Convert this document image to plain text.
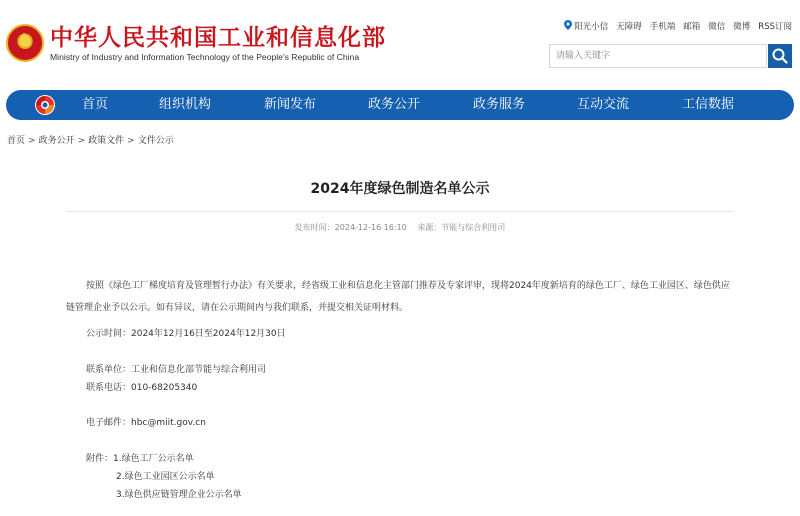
★
中华人民共和国工业和信息化部
Ministry of Industry and Information Technology of the People's Republic of China
阳光小信 无障碍 手机端 邮箱 微信 微博 RSS订阅
请输入关键字
首页	组织机构	新闻发布	政务公开	政务服务	互动交流	工信数据
首页 > 政务公开 > 政策文件 > 文件公示
2024年度绿色制造名单公示
发布时间：2024-12-16 16:10 来源：节能与综合利用司
按照《绿色工厂梯度培育及管理暂行办法》有关要求，经省级工业和信息化主管部门推荐及专家评审，现将2024年度新培育的绿色工厂、绿色工业园区、绿色供应链管理企业予以公示。如有异议，请在公示期间内与我们联系，并提交相关证明材料。
公示时间：2024年12月16日至2024年12月30日
联系单位：工业和信息化部节能与综合利用司
联系电话：010-68205340
电子邮件：hbc@miit.gov.cn
附件：1.绿色工厂公示名单
2.绿色工业园区公示名单
3.绿色供应链管理企业公示名单
